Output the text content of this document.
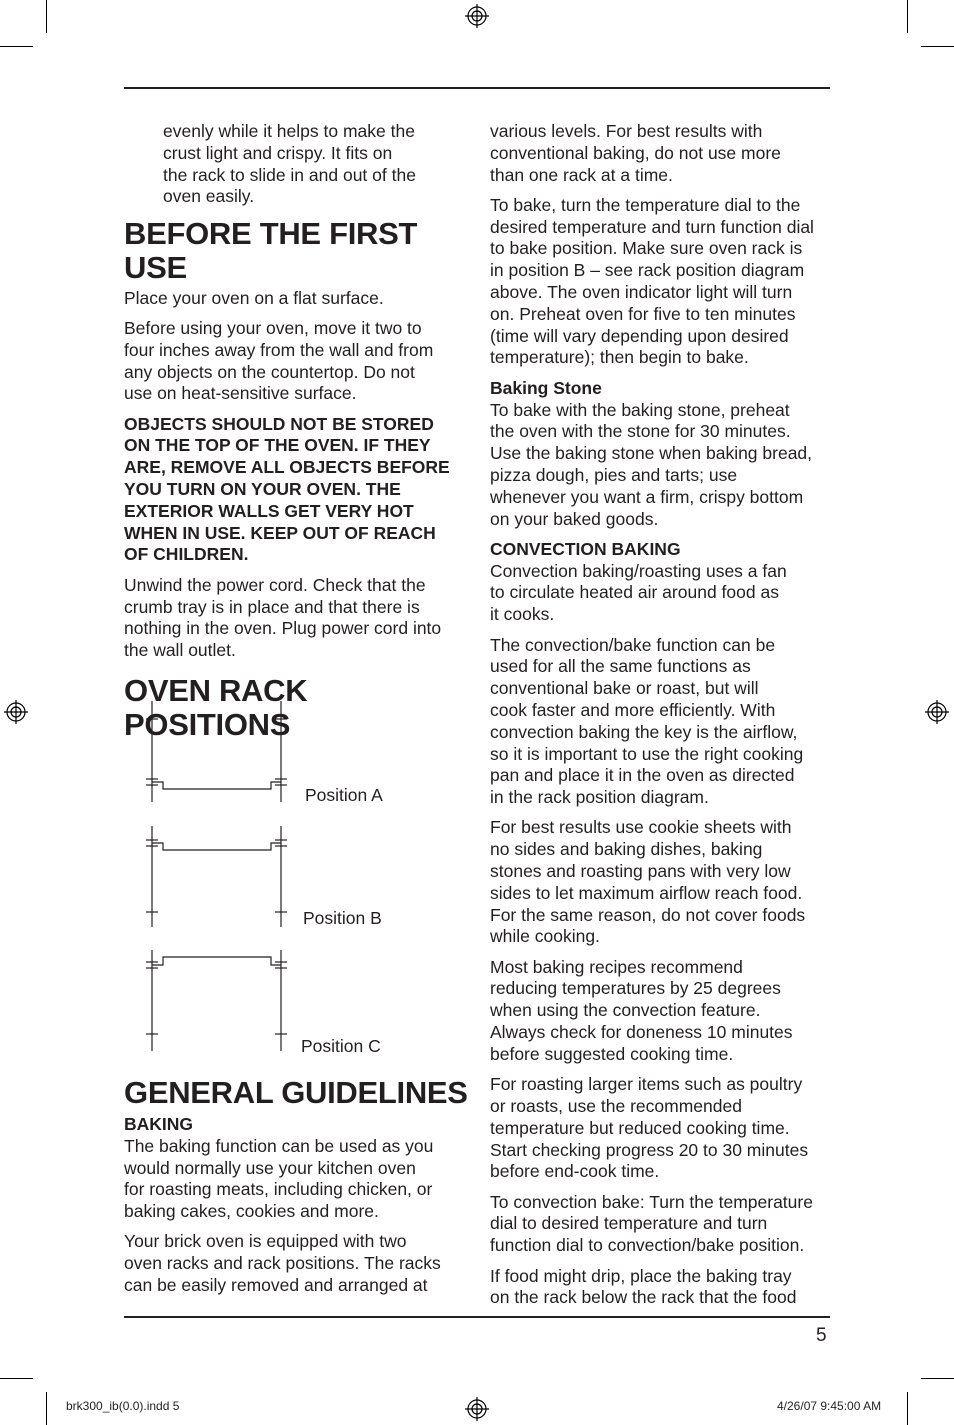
evenly while it helps to make the
crust light and crispy. It fits on
the rack to slide in and out of the
oven easily.

BEFORE THE FIRST USE

Place your oven on a flat surface.

Before using your oven, move it two to
four inches away from the wall and from
any objects on the countertop. Do not
use on heat-sensitive surface.

OBJECTS SHOULD NOT BE STORED
ON THE TOP OF THE OVEN. IF THEY
ARE, REMOVE ALL OBJECTS BEFORE
YOU TURN ON YOUR OVEN. THE
EXTERIOR WALLS GET VERY HOT
WHEN IN USE. KEEP OUT OF REACH
OF CHILDREN.

Unwind the power cord. Check that the
crumb tray is in place and that there is
nothing in the oven. Plug power cord into
the wall outlet.

OVEN RACK POSITIONS
Position A
Position B
Position C
GENERAL GUIDELINES
BAKING

The baking function can be used as you
would normally use your kitchen oven
for roasting meats, including chicken, or
baking cakes, cookies and more.

Your brick oven is equipped with two
oven racks and rack positions. The racks
can be easily removed and arranged at

various levels. For best results with
conventional baking, do not use more
than one rack at a time.

To bake, turn the temperature dial to the
desired temperature and turn function dial
to bake position. Make sure oven rack is
in position B – see rack position diagram
above. The oven indicator light will turn
on. Preheat oven for five to ten minutes
(time will vary depending upon desired
temperature); then begin to bake.

Baking Stone

To bake with the baking stone, preheat
the oven with the stone for 30 minutes.
Use the baking stone when baking bread,
pizza dough, pies and tarts; use
whenever you want a firm, crispy bottom
on your baked goods.

CONVECTION BAKING

Convection baking/roasting uses a fan
to circulate heated air around food as
it cooks.

The convection/bake function can be
used for all the same functions as
conventional bake or roast, but will
cook faster and more efficiently. With
convection baking the key is the airflow,
so it is important to use the right cooking
pan and place it in the oven as directed
in the rack position diagram.

For best results use cookie sheets with
no sides and baking dishes, baking
stones and roasting pans with very low
sides to let maximum airflow reach food.
For the same reason, do not cover foods
while cooking.

Most baking recipes recommend
reducing temperatures by 25 degrees
when using the convection feature.
Always check for doneness 10 minutes
before suggested cooking time.

For roasting larger items such as poultry
or roasts, use the recommended
temperature but reduced cooking time.
Start checking progress 20 to 30 minutes
before end-cook time.

To convection bake: Turn the temperature
dial to desired temperature and turn
function dial to convection/bake position.

If food might drip, place the baking tray
on the rack below the rack that the food

5
brk300_ib(0.0).indd 5	4/26/07 9:45:00 AM
